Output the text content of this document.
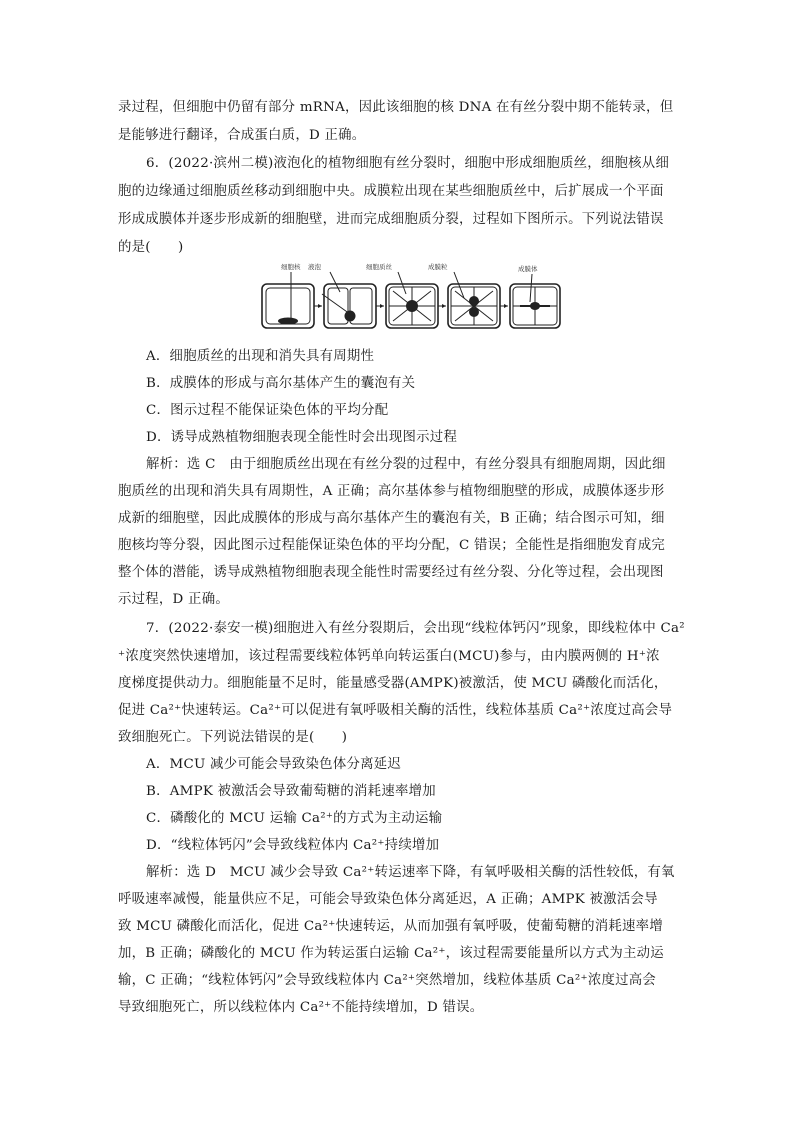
录过程，但细胞中仍留有部分 mRNA，因此该细胞的核 DNA 在有丝分裂中期不能转录，但
是能够进行翻译，合成蛋白质，D 正确。
6．(2022·滨州二模)液泡化的植物细胞有丝分裂时，细胞中形成细胞质丝，细胞核从细
胞的边缘通过细胞质丝移动到细胞中央。成膜粒出现在某些细胞质丝中，后扩展成一个平面
形成成膜体并逐步形成新的细胞壁，进而完成细胞质分裂，过程如下图所示。下列说法错误
的是(　　)
细胞核 液泡	细胞质丝	成膜粒	成膜体
A．细胞质丝的出现和消失具有周期性
B．成膜体的形成与高尔基体产生的囊泡有关
C．图示过程不能保证染色体的平均分配
D．诱导成熟植物细胞表现全能性时会出现图示过程
解析：选 C　由于细胞质丝出现在有丝分裂的过程中，有丝分裂具有细胞周期，因此细
胞质丝的出现和消失具有周期性，A 正确；高尔基体参与植物细胞壁的形成，成膜体逐步形
成新的细胞壁，因此成膜体的形成与高尔基体产生的囊泡有关，B 正确；结合图示可知，细
胞核均等分裂，因此图示过程能保证染色体的平均分配，C 错误；全能性是指细胞发育成完
整个体的潜能，诱导成熟植物细胞表现全能性时需要经过有丝分裂、分化等过程，会出现图
示过程，D 正确。
7．(2022·泰安一模)细胞进入有丝分裂期后，会出现“线粒体钙闪”现象，即线粒体中 Ca²
⁺浓度突然快速增加，该过程需要线粒体钙单向转运蛋白(MCU)参与，由内膜两侧的 H⁺浓
度梯度提供动力。细胞能量不足时，能量感受器(AMPK)被激活，使 MCU 磷酸化而活化，
促进 Ca²⁺快速转运。Ca²⁺可以促进有氧呼吸相关酶的活性，线粒体基质 Ca²⁺浓度过高会导
致细胞死亡。下列说法错误的是(　　)
A．MCU 减少可能会导致染色体分离延迟
B．AMPK 被激活会导致葡萄糖的消耗速率增加
C．磷酸化的 MCU 运输 Ca²⁺的方式为主动运输
D．“线粒体钙闪”会导致线粒体内 Ca²⁺持续增加
解析：选 D　MCU 减少会导致 Ca²⁺转运速率下降，有氧呼吸相关酶的活性较低，有氧
呼吸速率减慢，能量供应不足，可能会导致染色体分离延迟，A 正确；AMPK 被激活会导
致 MCU 磷酸化而活化，促进 Ca²⁺快速转运，从而加强有氧呼吸，使葡萄糖的消耗速率增
加，B 正确；磷酸化的 MCU 作为转运蛋白运输 Ca²⁺，该过程需要能量所以方式为主动运
输，C 正确；“线粒体钙闪”会导致线粒体内 Ca²⁺突然增加，线粒体基质 Ca²⁺浓度过高会
导致细胞死亡，所以线粒体内 Ca²⁺不能持续增加，D 错误。
